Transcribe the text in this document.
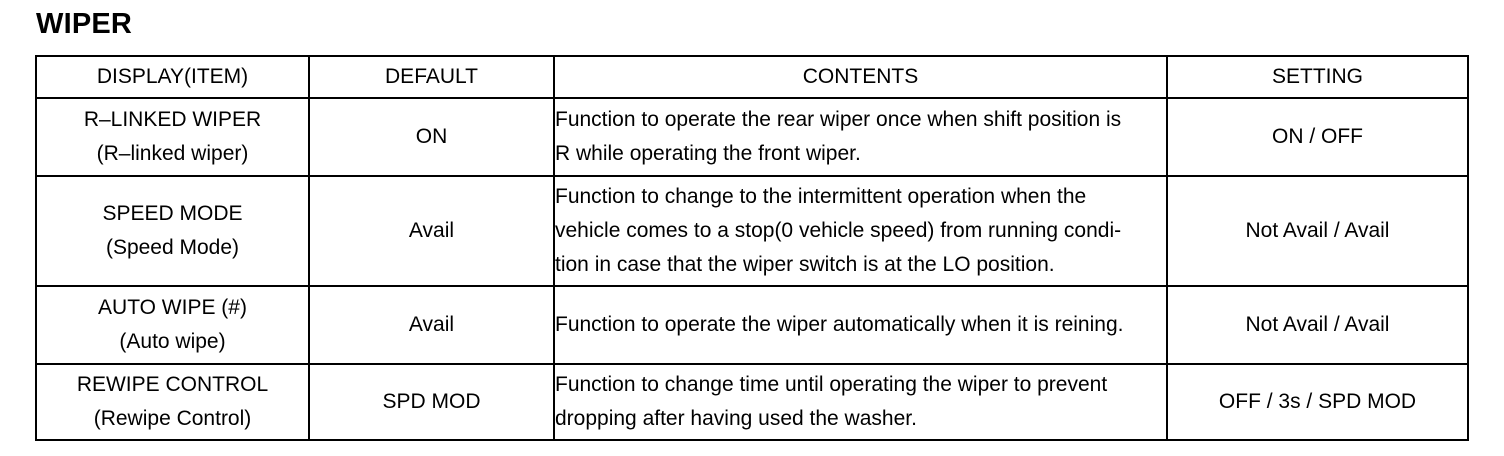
WIPER
DISPLAY(ITEM)	DEFAULT	CONTENTS	SETTING

R–LINKED WIPER
(R–linked wiper)	ON	Function to operate the rear wiper once when shift position is
R while operating the front wiper.	ON / OFF

SPEED MODE
(Speed Mode)	Avail	Function to change to the intermittent operation when the
vehicle comes to a stop(0 vehicle speed) from running condi-
tion in case that the wiper switch is at the LO position.	Not Avail / Avail

AUTO WIPE (#)
(Auto wipe)	Avail	Function to operate the wiper automatically when it is reining.	Not Avail / Avail

REWIPE CONTROL
(Rewipe Control)	SPD MOD	Function to change time until operating the wiper to prevent
dropping after having used the washer.	OFF / 3s / SPD MOD
